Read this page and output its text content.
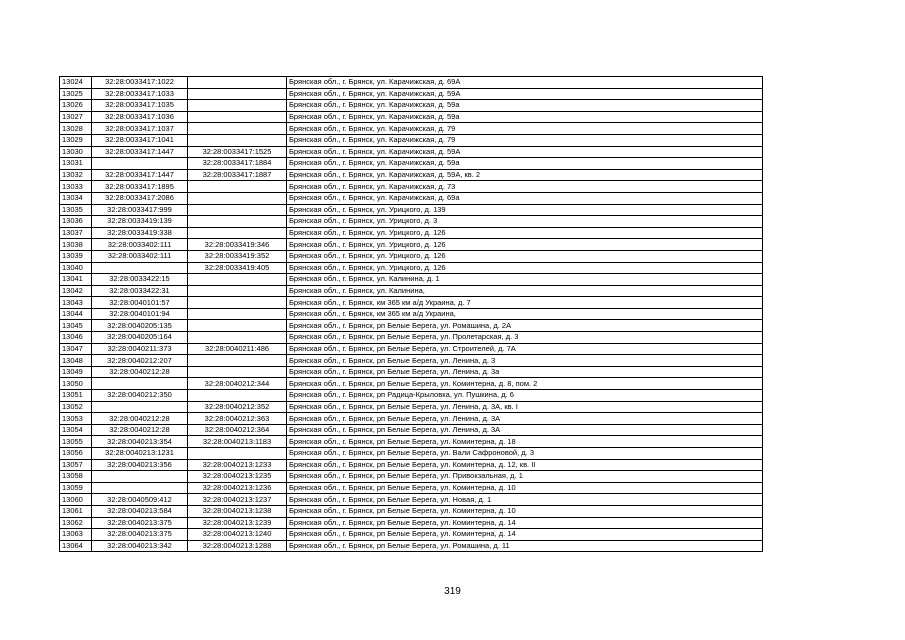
13024	32:28:0033417:1022		Брянская обл., г. Брянск, ул. Карачижская, д. 69А
13025	32:28:0033417:1033		Брянская обл., г. Брянск, ул. Карачижская, д. 59А
13026	32:28:0033417:1035		Брянская обл., г. Брянск, ул. Карачижская, д. 59а
13027	32:28:0033417:1036		Брянская обл., г. Брянск, ул. Карачижская, д. 59а
13028	32:28:0033417:1037		Брянская обл., г. Брянск, ул. Карачижская, д. 79
13029	32:28:0033417:1041		Брянская обл., г. Брянск, ул. Карачижская, д. 79
13030	32:28:0033417:1447	32:28:0033417:1525	Брянская обл., г. Брянск, ул. Карачижская, д. 59А
13031		32:28:0033417:1884	Брянская обл., г. Брянск, ул. Карачижская, д. 59а
13032	32:28:0033417:1447	32:28:0033417:1887	Брянская обл., г. Брянск, ул. Карачижская, д. 59А, кв. 2
13033	32:28:0033417:1895		Брянская обл., г. Брянск, ул. Карачижская, д. 73
13034	32:28:0033417:2086		Брянская обл., г. Брянск, ул. Карачижская, д. 69а
13035	32:28:0033417:999		Брянская обл., г. Брянск, ул. Урицкого, д. 139
13036	32:28:0033419:139		Брянская обл., г. Брянск, ул. Урицкого, д. 3
13037	32:28:0033419:338		Брянская обл., г. Брянск, ул. Урицкого, д. 126
13038	32:28:0033402:111	32:28:0033419:346	Брянская обл., г. Брянск, ул. Урицкого, д. 126
13039	32:28:0033402:111	32:28:0033419:352	Брянская обл., г. Брянск, ул. Урицкого, д. 126
13040		32:28:0033419:405	Брянская обл., г. Брянск, ул. Урицкого, д. 126
13041	32:28:0033422:15		Брянская обл., г. Брянск, ул. Калинина, д. 1
13042	32:28:0033422:31		Брянская обл., г. Брянск, ул. Калинина,
13043	32:28:0040101:57		Брянская обл., г. Брянск, км 365 км а/д Украина, д. 7
13044	32:28:0040101:94		Брянская обл., г. Брянск, км 365 км а/д Украина,
13045	32:28:0040205:135		Брянская обл., г. Брянск, рп Белые Берега, ул. Ромашина, д. 2А
13046	32:28:0040205:164		Брянская обл., г. Брянск, рп Белые Берега, ул. Пролетарская, д. 3
13047	32:28:0040211:373	32:28:0040211:486	Брянская обл., г. Брянск, рп Белые Берега, ул. Строителей, д. 7А
13048	32:28:0040212:207		Брянская обл., г. Брянск, рп Белые Берега, ул. Ленина, д. 3
13049	32:28:0040212:28		Брянская обл., г. Брянск, рп Белые Берега, ул. Ленина, д. 3а
13050		32:28:0040212:344	Брянская обл., г. Брянск, рп Белые Берега, ул. Коминтерна, д. 8, пом. 2
13051	32:28:0040212:350		Брянская обл., г. Брянск, рп Радица-Крыловка, ул. Пушкина, д. 6
13052		32:28:0040212:352	Брянская обл., г. Брянск, рп Белые Берега, ул. Ленина, д. 3А, кв. I
13053	32:28:0040212:28	32:28:0040212:363	Брянская обл., г. Брянск, рп Белые Берега, ул. Ленина, д. 3А
13054	32:28:0040212:28	32:28:0040212:364	Брянская обл., г. Брянск, рп Белые Берега, ул. Ленина, д. 3А
13055	32:28:0040213:354	32:28:0040213:1183	Брянская обл., г. Брянск, рп Белые Берега, ул. Коминтерна, д. 18
13056	32:28:0040213:1231		Брянская обл., г. Брянск, рп Белые Берега, ул. Вали Сафроновой, д. 3
13057	32:28:0040213:356	32:28:0040213:1233	Брянская обл., г. Брянск, рп Белые Берега, ул. Коминтерна, д. 12, кв. II
13058		32:28:0040213:1235	Брянская обл., г. Брянск, рп Белые Берега, ул. Привокзальная, д. 1
13059		32:28:0040213:1236	Брянская обл., г. Брянск, рп Белые Берега, ул. Коминтерна, д. 10
13060	32:28:0040509:412	32:28:0040213:1237	Брянская обл., г. Брянск, рп Белые Берега, ул. Новая, д. 1
13061	32:28:0040213:584	32:28:0040213:1238	Брянская обл., г. Брянск, рп Белые Берега, ул. Коминтерна, д. 10
13062	32:28:0040213:375	32:28:0040213:1239	Брянская обл., г. Брянск, рп Белые Берега, ул. Коминтерна, д. 14
13063	32:28:0040213:375	32:28:0040213:1240	Брянская обл., г. Брянск, рп Белые Берега, ул. Коминтерна, д. 14
13064	32:28:0040213:342	32:28:0040213:1288	Брянская обл., г. Брянск, рп Белые Берега, ул. Ромашина, д. 11
319
